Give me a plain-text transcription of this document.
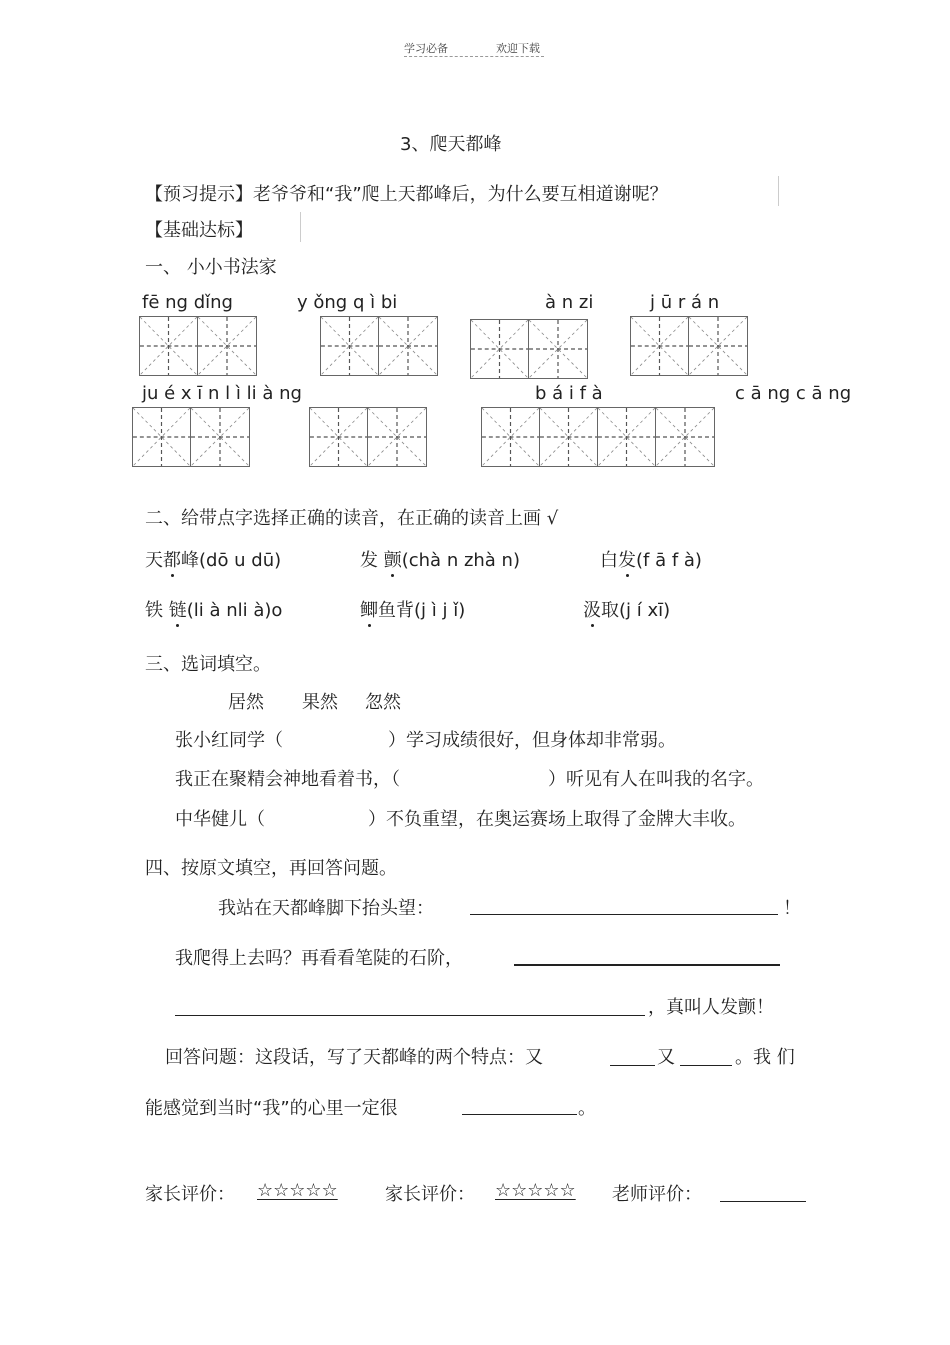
学习必备	欢迎下载
3、爬天都峰
【预习提示】老爷爷和“我”爬上天都峰后，为什么要互相道谢呢？
【基础达标】
一、 小小书法家
fē ng dǐng	y ǒng q ì bi	à n zi	j ū r á n
ju é x ī n l ì li à ng	b á i f à	c ā ng c ā ng
二、给带点字选择正确的读音，在正确的读音上画 √
天都峰(dō u dū)	发 颤(chà n zhà n)	白发(f ā f à)
铁 链(li à nli à)o	鲫鱼背(j ì j ǐ)	汲取(j í xī)
三、选词填空。
居然 果然 忽然
张小红同学（	）学习成绩很好，但身体却非常弱。
我正在聚精会神地看着书，（	）听见有人在叫我的名字。
中华健儿（	）不负重望，在奥运赛场上取得了金牌大丰收。
四、按原文填空，再回答问题。
我站在天都峰脚下抬头望：	！
我爬得上去吗？再看看笔陡的石阶，
，真叫人发颤！
回答问题：这段话，写了天都峰的两个特点：又	又	。我 们
能感觉到当时“我”的心里一定很	。
家长评价： ☆☆☆☆☆	家长评价： ☆☆☆☆☆ 老师评价：
